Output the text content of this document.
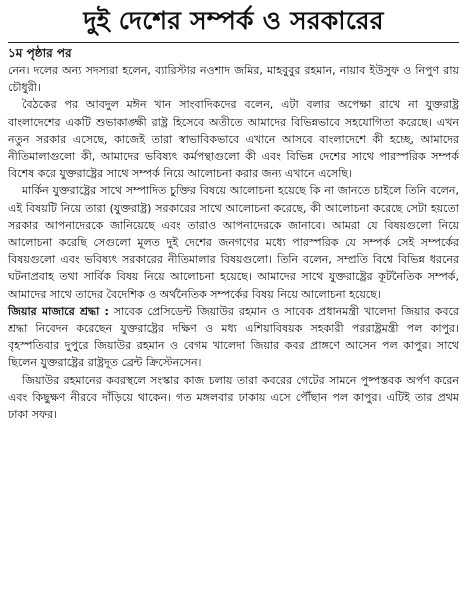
দুই দেশের সম্পর্ক ও সরকারের
১ম পৃষ্ঠার পর

নেন। দলের অন্য সদস্যরা হলেন, ব্যারিস্টার নওশাদ জমির, মাহবুবুর রহমান, নায়াব ইউসুফ ও নিপুণ রায় চৌধুরী।

বৈঠকের পর আবদুল মঈন খান সাংবাদিকদের বলেন, এটা বলার অপেক্ষা রাখে না যুক্তরাষ্ট্র বাংলাদেশের একটি শুভাকাঙ্ক্ষী রাষ্ট্র হিসেবে অতীতে আমাদের বিভিন্নভাবে সহযোগিতা করেছে। এখন নতুন সরকার এসেছে, কাজেই তারা স্বাভাবিকভাবে এখানে আসবে বাংলাদেশে কী হচ্ছে, আমাদের নীতিমালাগুলো কী, আমাদের ভবিষ্যৎ কর্মপন্থাগুলো কী এবং বিভিন্ন দেশের সাথে পারস্পরিক সম্পর্ক বিশেষ করে যুক্তরাষ্ট্রের সাথে সম্পর্ক নিয়ে আলোচনা করার জন্য এখানে এসেছি।

মার্কিন যুক্তরাষ্ট্রের সাথে সম্পাদিত চুক্তির বিষয়ে আলোচনা হয়েছে কি না জানতে চাইলে তিনি বলেন, এই বিষয়টি নিয়ে তারা (যুক্তরাষ্ট্র) সরকারের সাথে আলোচনা করেছে, কী আলোচনা করেছে সেটা হয়তো সরকার আপনাদেরকে জানিয়েছে এবং তারাও আপনাদেরকে জানাবে। আমরা যে বিষয়গুলো নিয়ে আলোচনা করেছি সেগুলো মূলত দুই দেশের জনগণের মধ্যে পারস্পরিক যে সম্পর্ক সেই সম্পর্কের বিষয়গুলো এবং ভবিষ্যৎ সরকারের নীতিমালার বিষয়গুলো। তিনি বলেন, সম্প্রতি বিশ্বে বিভিন্ন ধরনের ঘটনাপ্রবাহ তথা সার্বিক বিষয় নিয়ে আলোচনা হয়েছে। আমাদের সাথে যুক্তরাষ্ট্রের কূটনৈতিক সম্পর্ক, আমাদের সাথে তাদের বৈদেশিক ও অর্থনৈতিক সম্পর্কের বিষয় নিয়ে আলোচনা হয়েছে।

জিয়ার মাজারে শ্রদ্ধা : সাবেক প্রেসিডেন্ট জিয়াউর রহমান ও সাবেক প্রধানমন্ত্রী খালেদা জিয়ার কবরে শ্রদ্ধা নিবেদন করেছেন যুক্তরাষ্ট্রের দক্ষিণ ও মধ্য এশিয়াবিষয়ক সহকারী পররাষ্ট্রমন্ত্রী পল কাপুর। বৃহস্পতিবার দুপুরে জিয়াউর রহমান ও বেগম খালেদা জিয়ার কবর প্রাঙ্গণে আসেন পল কাপুর। সাথে ছিলেন যুক্তরাষ্ট্রের রাষ্ট্রদূত ব্রেন্ট ক্রিস্টেনসেন।

জিয়াউর রহমানের কবরস্থলে সংস্কার কাজ চলায় তারা কবরের গেটের সামনে পুষ্পস্তবক অর্পণ করেন এবং কিছুক্ষণ নীরবে দাঁড়িয়ে থাকেন। গত মঙ্গলবার ঢাকায় এসে পৌঁছান পল কাপুর। এটিই তার প্রথম ঢাকা সফর।
